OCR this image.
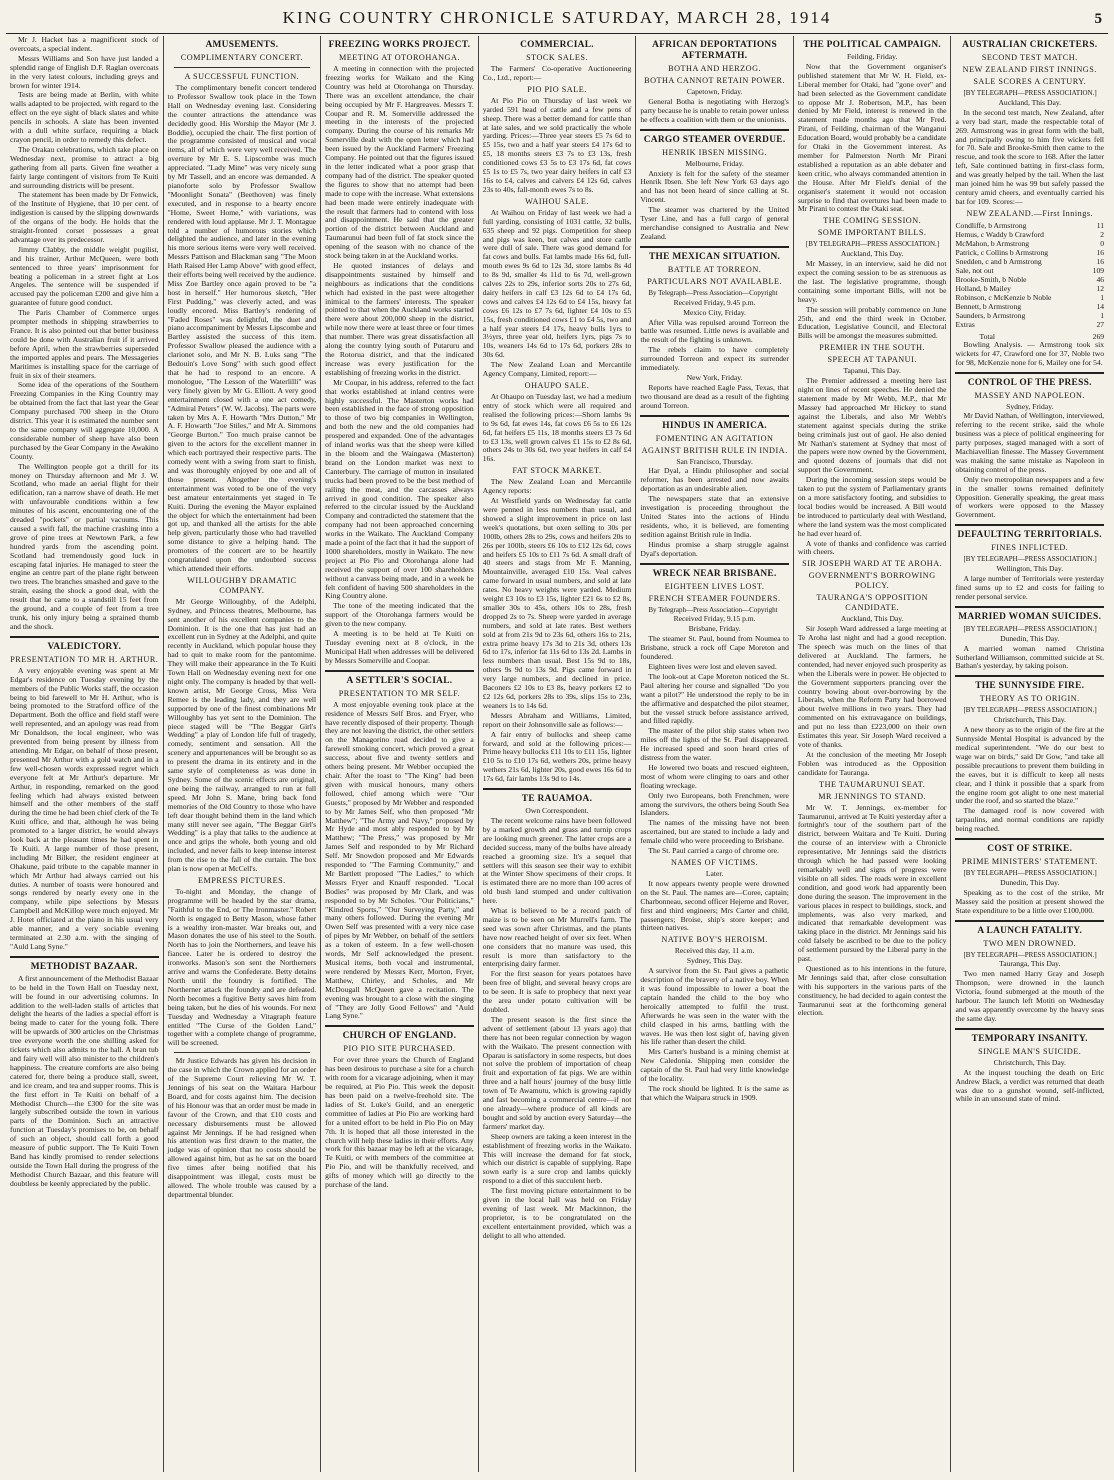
KING COUNTRY CHRONICLE SATURDAY, MARCH 28, 1914	5

Mr J. Hacket has a magnificent stock of overcoats, a special indent.

Messrs Williams and Son have just landed a splendid range of English D.F. Raglan overcoats in the very latest colours, including greys and brown for winter 1914.

Tests are being made at Berlin, with white walls adapted to be projected, with regard to the effect on the eye sight of black slates and white pencils in schools. A slate has been invented with a dull white surface, requiring a black crayon pencil, in order to remedy this defect.

The Orakau celebrations, which take place on Wednesday next, promise to attract a big gathering from all parts. Given fine weather a fairly large contingent of visitors from Te Kuiti and surrounding districts will be present.

The statement has been made by Dr Fenwick, of the Institute of Hygiene, that 10 per cent. of indigestion is caused by the slipping downwards of the organs of the body. He holds that the straight-fronted corset possesses a great advantage over its predecessor.

Jimmy Clabby, the middle weight pugilist, and his trainer, Arthur McQueen, were both sentenced to three years' imprisonment for beating a policeman in a street fight at Los Angeles. The sentence will be suspended if accused pay the policeman £200 and give him a guarantee of future good conduct.

The Paris Chamber of Commerce urges prompter methods in shipping strawberries to France. It is also pointed out that better business could be done with Australian fruit if it arrived before April, when the strawberries superseded the imported apples and pears. The Messageries Maritimes is installing space for the carriage of fruit in six of their steamers.

Some idea of the operations of the Southern Freezing Companies in the King Country may be obtained from the fact that last year the Gear Company purchased 700 sheep in the Otoro district. This year it is estimated the number sent to the same company will aggregate 10,000. A considerable number of sheep have also been purchased by the Gear Company in the Awakino County.

The Wellington people got a thrill for its money on Thursday afternoon and Mr J. W. Scotland, who made an aerial flight for their edification, ran a narrow shave of death. He met with unfavourable conditions within a few minutes of his ascent, encountering one of the dreaded "pockets" or partial vacuums. This caused a swift fall, the machine crashing into a grove of pine trees at Newtown Park, a few hundred yards from the ascending point. Scotland had tremendously good luck in escaping fatal injuries. He managed to steer the engine an centre part of the plane right between two trees. The branches smashed and gave to the strain, easing the shock a good deal, with the result that he came to a standstill 15 feet from the ground, and a couple of feet from a tree trunk, his only injury being a sprained thumb and the shock.

VALEDICTORY.
PRESENTATION TO MR H. ARTHUR.

A very enjoyable evening was spent at Mr Edgar's residence on Tuesday evening by the members of the Public Works staff, the occasion being to bid farewell to Mr H. Arthur, who is being promoted to the Stratford office of the Department. Both the office and field staff were well represented, and an apology was read from Mr Donaldson, the local engineer, who was prevented from being present by illness from attending. Mr Edgar, on behalf of those present, presented Mr Arthur with a gold watch and in a few well-chosen words expressed regret which everyone felt at Mr Arthur's departure. Mr Arthur, in responding, remarked on the good feeling which had always existed between himself and the other members of the staff during the time he had been chief clerk of the Te Kuiti office, and that, although he was being promoted to a larger district, he would always look back at the pleasant times he had spent in Te Kuiti. A large number of those present, including Mr Bilker, the resident engineer at Ohakune, paid tribute to the capable manner in which Mr Arthur had always carried out his duties. A number of toasts were honoured and songs rendered by nearly every one in the company, while pipe selections by Messrs Campbell and McKillop were much enjoyed. Mr J. Hotet officiated at the piano in his usual very able manner, and a very sociable evening terminated at 2.30 a.m. with the singing of "Auld Lang Syne."

METHODIST BAZAAR.

A first announcement of the Methodist Bazaar to be held in the Town Hall on Tuesday next, will be found in our advertising columns. In addition to the well-laden stalls of articles that delight the hearts of the ladies a special effort is being made to cater for the young folk. There will be upwards of 300 articles on the Christmas tree everyone worth the one shilling asked for tickets which also admits to the hall. A bran tub and fairy well will also minister to the children's happiness. The creature comforts are also being catered for, there being a produce stall, sweet, and ice cream, and tea and supper rooms. This is the first effort in Te Kuiti on behalf of a Methodist Church—the £300 for the site was largely subscribed outside the town in various parts of the Dominion. Such an attractive function at Tuesday's promises to be, on behalf of such an object, should call forth a good measure of public support. The Te Kuiti Town Band has kindly promised to render selections outside the Town Hall during the progress of the Methodist Church Bazaar, and this feature will doubtless be keenly appreciated by the public.

AMUSEMENTS.
COMPLIMENTARY CONCERT.
A SUCCESSFUL FUNCTION.

The complimentary benefit concert tendered to Professor Swallow took place in the Town Hall on Wednesday evening last. Considering the counter attractions the attendance was decidedly good. His Worship the Mayor (Mr J. Boddie), occupied the chair. The first portion of the programme consisted of musical and vocal items, all of which were very well received. The overture by Mr E. S. Lipscombe was much appreciated. "Lady Mine" was very nicely sung by Mr Tassell, and an encore was demanded. A pianoforte solo by Professor Swallow "Moonlight Sonata" (Beethoven) was finely executed, and in response to a hearty encore "Home, Sweet Home," with variations, was rendered with loud applause. Mr J. T. Montague told a number of humorous stories which delighted the audience, and later in the evening his more serious items were very well received. Messrs Pattison and Blackman sang "The Moon Hath Raised Her Lamp Above" with good effect, their efforts being well received by the audience. Miss Zoe Bartley once again proved to be "a host in herself." Her humorous sketch, "Her First Pudding," was cleverly acted, and was loudly encored. Miss Bartley's rendering of "Faded Roses" was delightful, the duet and piano accompaniment by Messrs Lipscombe and Bartley assisted the success of this item. Professor Swallow pleased the audience with a clarionet solo, and Mr N. B. Luks sang "The Bedouin's Love Song" with such good effect that he had to respond to an encore. A monologue, "The Lesson of the Waterlilli" was very finely given by Mr G. Elliott. A very good entertainment closed with a one act comedy, "Admiral Peters" (W. W. Jacobs). The parts were taken by Mrs A. F. Howarth "Mrs Dutton," Mr A. F. Howarth "Joe Stiles," and Mr A. Simmons "George Burton." Too much praise cannot be given to the actors for the excellent manner in which each portrayed their respective parts. The comedy went with a swing from start to finish, and was thoroughly enjoyed by one and all of those present. Altogether the evening's entertainment was voted to be one of the very best amateur entertainments yet staged in Te Kuiti. During the evening the Mayor explained the object for which the entertainment had been got up, and thanked all the artists for the able help given, particularly those who had travelled some distance to give a helping hand. The promoters of the concert are to be heartily congratulated upon the undoubted success which attended their efforts.

WILLOUGHBY DRAMATIC COMPANY.

Mr George Willoughby, of the Adelphi, Sydney, and Princess theatres, Melbourne, has sent another of his excellent companies to the Dominion. It is the one that has just had an excellent run in Sydney at the Adelphi, and quite recently in Auckland, which popular house they had to quit to make room for the pantomime. They will make their appearance in the Te Kuiti Town Hall on Wednesday evening next for one night only. The company is headed by that well-known artist, Mr George Cross, Miss Vera Remee is the leading lady, and they are well supported by one of the finest combinations Mr Willoughby has yet sent to the Dominion. The piece staged will be "The Beggar Girl's Wedding" a play of London life full of tragedy, comedy, sentiment and sensation. All the scenery and appurtenances will be brought so as to present the drama in its entirety and in the same style of completeness as was done in Sydney. Some of the scenic effects are original, one being the railway, arranged to run at full speed. Mr John S. Mane, bring back fond memories of the Old Country to those who have left dear thought behind them in the land which many still never see again, "The Beggar Girl's Wedding" is a play that talks to the audience at once and grips the whole, both young and old included, and never fails to keep intense interest from the rise to the fall of the curtain. The box plan is now open at McCell's.

EMPRESS PICTURES.

To-night and Monday, the change of programme will be headed by the star drama, "Faithful to the End, or The Ironmaster." Robert North is engaged to Betty Mason, whose father is a wealthy iron-master. War breaks out, and Mason donates the use of his steel to the South. North has to join the Northerners, and leave his fiancee. Later he is ordered to destroy the ironworks. Mason's son sent the Northerners arrive and warns the Confederate. Betty detains North until the foundry is fortified. The Northerner attack the foundry and are defeated. North becomes a fugitive Betty saves him from being taken, but he dies of his wounds. For next Tuesday and Wednesday a Vitagraph feature entitled "The Curse of the Golden Land," together with a complete change of programme, will be screened.

Mr Justice Edwards has given his decision in the case in which the Crown applied for an order of the Supreme Court relieving Mr W. T. Jennings of his seat on the Waitara Harbour Board, and for costs against him. The decision of his Honour was that an order must be made in favour of the Crown, and that £10 costs and necessary disbursements must be allowed against Mr Jennings. If he had resigned when his attention was first drawn to the matter, the judge was of opinion that no costs should be allowed against him, but as he sat on the board five times after being notified that his disappointment was illegal, costs must be allowed. The whole trouble was caused by a departmental blunder.

FREEZING WORKS PROJECT.
MEETING AT OTOROHANGA.

A meeting in connection with the projected freezing works for Waikato and the King Country was held at Otorohanga on Thursday. There was an excellent attendance, the chair being occupied by Mr F. Hargreaves. Messrs T. Coupar and R. M. Somerville addressed the meeting in the interests of the projected company. During the course of his remarks Mr Somerville dealt with the open letter which had been issued by the Auckland Farmers' Freezing Company. He pointed out that the figures issued in the letter indicated what a poor grasp that company had of the district. The speaker quoted the figures to show that no attempt had been made to cope with the increase. What extensions had been made were entirely inadequate with the result that farmers had to contend with loss and disappointment. He said that the greater portion of the district between Auckland and Taumarunui had been full of fat stock since the opening of the season with no chance of the stock being taken in at the Auckland works.

He quoted instances of delays and disappointments sustained by himself and neighbours as indications that the conditions which had existed in the past were altogether inimical to the farmers' interests. The speaker pointed to that when the Auckland works started there were about 200,000 sheep in the district, while now there were at least three or four times that number. There was great dissatisfaction all along the country lying south of Putaruru and the Rotorua district, and that the indicated increase was every justification for the establishing of freezing works in the district.

Mr Coupar, in his address, referred to the fact that works established at inland centres were highly successful. The Masterton works had been established in the face of strong opposition to those of two big companies in Wellington, and both the new and the old companies had prospered and expanded. One of the advantages of inland works was that the sheep were killed in the bloom and the Waingawa (Masterton) brand on the London market was next to Canterbury. The carriage of mutton in insulated trucks had been proved to be the best method of railing the meat, and the carcasses always arrived in good condition. The speaker also referred to the circular issued by the Auckland Company and contradicted the statement that the company had not been approached concerning works in the Waikato. The Auckland Company made a point of the fact that it had the support of 1000 shareholders, mostly in Waikato. The new project at Pio Pio and Otorohanga alone had received the support of over 100 shareholders without a canvass being made, and in a week he felt confident of having 500 shareholders in the King Country alone.

The tone of the meeting indicated that the support of the Otorohanga farmers would be given to the new company.

A meeting is to be held at Te Kuiti on Tuesday evening next at 8 o'clock, in the Municipal Hall when addresses will be delivered by Messrs Somerville and Coopar.

A SETTLER'S SOCIAL.
PRESENTATION TO MR SELF.

A most enjoyable evening took place at the residence of Messrs Self Bros. and Fryer, who have recently disposed of their property. Though they are not leaving the district, the other settlers on the Managorino road decided to give a farewell smoking concert, which proved a great success, about five and twenty settlers and others being present. Mr Webber occupied the chair. After the toast to "The King" had been given with musical honours, many others followed, chief among which were "Our Guests," proposed by Mr Webber and responded to by Mr James Self, who then proposed "Mr Matthew"; "The Army and Navy," proposed by Mr Hyde and most ably responded to by Mr Matthew; "The Press," was proposed by Mr James Self and responded to by Mr Richard Self. Mr Snowdon proposed and Mr Edwards responded to "The Farming Community," and Mr Bartlett proposed "The Ladies," to which Messrs Fryer and Knauff responded. "Local Bodies" was proposed by Mr Clark, and was responded to by Mr Scholes. "Our Politicians," "Kindred Sports," "Our Surveying Party," and many others followed. During the evening Mr Owen Self was presented with a very nice case of pipes by Mr Webber, on behalf of the settlers as a token of esteem. In a few well-chosen words, Mr Self acknowledged the present. Musical items, both vocal and instrumental, were rendered by Messrs Kerr, Morton, Fryer, Matthew, Chirley, and Scholes, and Mr McDougall McQueen gave a recitation. The evening was brought to a close with the singing of "They are Jolly Good Fellows" and "Auld Lang Syne."

CHURCH OF ENGLAND.
PIO PIO SITE PURCHASED.

For over three years the Church of England has been desirous to purchase a site for a church with room for a vicarage adjoining, when it may be required, at Pio Pio. This week the deposit has been paid on a twelve-freehold site. The ladies of St. Luke's Guild, and an energetic committee of ladies at Pio Pio are working hard for a united effort to be held in Pio Pio on May 7th. It is hoped that all those interested in the church will help these ladies in their efforts. Any work for this bazaar may be left at the vicarage, Te Kuiti, or with members of the committee at Pio Pio, and will be thankfully received, and gifts of money which will go directly to the purchase of the land.

COMMERCIAL.
STOCK SALES.

The Farmers' Co-operative Auctioneering Co., Ltd., report:—

PIO PIO SALE.

At Pio Pio on Thursday of last week we yarded 591 head of cattle and a few pens of sheep. There was a better demand for cattle than at late sales, and we sold practically the whole yarding. Prices:—Three year steers £5 7s 6d to £5 15s, two and a half year steers £4 17s 6d to £5, 18 months steers £3 7s to £3 13s, fresh conditioned cows £3 5s to £3 17s 6d, fat cows £5 1s to £5 7s, two year dairy heifers in calf £3 16s to £4, calves and calvers £4 12s 6d, calves 23s to 40s, fall-month ewes 7s to 8s.

WAIHOU SALE.

At Waihou on Friday of last week we had a full yarding, consisting of 1031 cattle, 32 bulls, 635 sheep and 92 pigs. Competition for sheep and pigs was keen, but calves and store cattle were dull of sale. There was good demand for fat cows and bulls. Fat lambs made 16s 6d, full-mouth ewes 9s 6d to 12s 3d, store lambs 8s 4d to 8s 9d, smaller 4s 11d to 6s 7d, well-grown calves 22s to 29s, inferior sorts 20s to 27s 6d, dairy heifers in calf £3 12s 6d to £4 17s 6d, cows and calves £4 12s 6d to £4 15s, heavy fat cows £6 12s to £7 7s 6d, lighter £4 10s to £5 15s, fresh conditioned cows £1 to £4 5s, two and a half year steers £4 17s, heavy bulls 1yrs to 3½yrs, three year old, heifers 1yrs, pigs 7s to 10s, weaners 14s 6d to 17s 6d, porkers 28s to 30s 6d.

The New Zealand Loan and Mercantile Agency Company, Limited, report:—

OHAUPO SALE.

At Ohaupo on Tuesday last, we had a medium entry of stock which were all required and realised the following prices:—Shorn lambs 9s to 9s 6d, fat ewes 14s, fat cows £6 5s to £6 12s 6d, fat heifers £5 11s, 18 months steers £3 7s 6d to £3 13s, well grown calves £1 15s to £2 8s 6d, others 24s to 30s 6d, two year heifers in calf £4 16s.

FAT STOCK MARKET.

The New Zealand Loan and Mercantile Agency reports:

At Westfield yards on Wednesday fat cattle were penned in less numbers than usual, and showed a slight improvement in price on last week's quotations, but oxen selling to 30s per 100lb, others 28s to 29s, cows and heifers 20s to 26s per 100lb, steers £6 10s to £12 12s 6d, cows and heifers £5 10s to £11 7s 6d. A small draft of 40 steers and stags from Mr F. Manning, Mountainville, averaged £10 15s. Veal calves came forward in usual numbers, and sold at late rates. No heavy weights were yarded. Medium weight £3 10s to £3 15s, lighter £21 6s to £2 8s, smaller 30s to 45s, others 10s to 28s, fresh dropped 2s to 7s. Sheep were yarded in average numbers, and sold at late rates. Best wethers sold at from 21s 9d to 23s 6d, others 16s to 21s, extra prime heavy 17s 3d to 21s 3d, others 13s 6d to 17s, inferior fat 11s 6d to 13s 2d. Lambs in less numbers than usual. Best 15s 9d to 18s, others 9s 9d to 13s 9d. Pigs came forward in very large numbers, and declined in price. Baconers £2 10s to £3 8s, heavy porkers £2 to £2 12s 6d, porkers 28s to 39s, slips 15s to 23s, weaners 1s to 14s 6d.

Messrs Abraham and Williams, Limited, report on their Johnsonville sale as follows:—

A fair entry of bullocks and sheep came forward, and sold at the following prices:—Prime heavy bullocks £11 10s to £11 15s, lighter £10 5s to £10 17s 6d, wethers 20s, prime heavy wethers 21s 6d, lighter 20s, good ewes 16s 6d to 17s 6d, fair lambs 13s 9d to 14s.

TE RAUAMOA.
Own Correspondent.

The recent welcome rains have been followed by a marked growth and grass and turnip crops are looking much greener. The latter crops are a decided success, many of the bulbs have already reached a grooming size. It's a sequel that settlers will this season see their way to exhibit at the Winter Show specimens of their crops. It is estimated there are no more than 100 acres of old bush land stumped and under cultivation here.

What is believed to be a record patch of maize is to be seen on Mr Murrell's farm. The seed was sown after Christmas, and the plants have now reached height of over six feet. When one considers that no manure was used, this result is more than satisfactory to the enterprising dairy farmer.

For the first season for years potatoes have been free of blight, and several heavy crops are to be seen. It is safe to prophecy that next year the area under potato cultivation will be doubled.

The present season is the first since the advent of settlement (about 13 years ago) that there has not been regular connection by wagon with the Waikato. The present connection with Oparau is satisfactory in some respects, but does not solve the problem of importation of cheap fruit and exportation of fat pigs. We are within three and a half hours' journey of the busy little town of Te Awamutu, which is growing rapidly and fast becoming a commercial centre—if not one already—where produce of all kinds are bought and sold by auction every Saturday—the farmers' market day.

Sheep owners are taking a keen interest in the establishment of freezing works in the Waikato. This will increase the demand for fat stock, which our district is capable of supplying. Rape sown early is a sure crop and lambs quickly respond to a diet of this succulent herb.

The first moving picture entertainment to be given in the local hall was held on Friday evening of last week. Mr Mackinnon, the proprietor, is to be congratulated on the excellent entertainment provided, which was a delight to all who attended.

AFRICAN DEPORTATIONS AFTERMATH.
BOTHA AND HERZOG.
BOTHA CANNOT RETAIN POWER.
Capetown, Friday.

General Botha is negotiating with Herzog's party because he is unable to retain power unless he effects a coalition with them or the unionists.

CARGO STEAMER OVERDUE.
HENRIK IBSEN MISSING.
Melbourne, Friday.

Anxiety is felt for the safety of the steamer Henrik Ibsen. She left New York 63 days ago and has not been heard of since calling at St. Vincent.

The steamer was chartered by the United Tyser Line, and has a full cargo of general merchandise consigned to Australia and New Zealand.

THE MEXICAN SITUATION.
BATTLE AT TORREON.
PARTICULARS NOT AVAILABLE.

By Telegraph—Press Association—Copyright

Received Friday, 9.45 p.m.
Mexico City, Friday.

After Villa was repulsed around Torreon the battle was resumed. Little news is available and the result of the fighting is unknown.

The rebels claim to have completely surrounded Torreon and expect its surrender immediately.

New York, Friday.

Reports have reached Eagle Pass, Texas, that two thousand are dead as a result of the fighting around Torreon.

HINDUS IN AMERICA.
FOMENTING AN AGITATION
AGAINST BRITISH RULE IN INDIA.
San Francisco, Thursday.

Har Dyal, a Hindu philosopher and social reformer, has been arrested and now awaits deportation as an undesirable alien.

The newspapers state that an extensive investigation is proceeding throughout the United States into the actions of Hindu residents, who, it is believed, are fomenting sedition against British rule in India.

Hindus promise a sharp struggle against Dyal's deportation.

WRECK NEAR BRISBANE.
EIGHTEEN LIVES LOST.
FRENCH STEAMER FOUNDERS.

By Telegraph—Press Association—Copyright

Received Friday, 9.15 p.m.
Brisbane, Friday.

The steamer St. Paul, bound from Noumea to Brisbane, struck a rock off Cape Moreton and foundered.

Eighteen lives were lost and eleven saved.

The look-out at Cape Moreton noticed the St. Paul altering her course and signalled "Do you want a pilot?" He understood the reply to be in the affirmative and despatched the pilot steamer, but the vessel struck before assistance arrived, and filled rapidly.

The master of the pilot ship states when two miles off the lights of the St. Paul disappeared. He increased speed and soon heard cries of distress from the water.

He lowered two boats and rescued eighteen, most of whom were clinging to oars and other floating wreckage.

Only two Europeans, both Frenchmen, were among the survivors, the others being South Sea Islanders.

The names of the missing have not been ascertained, but are stated to include a lady and female child who were proceeding to Brisbane.

The St. Paul carried a cargo of chrome ore.

NAMES OF VICTIMS.
Later.

It now appears twenty people were drowned on the St. Paul. The names are—Coree, captain; Charbonneau, second officer Hejerne and Rover, first and third engineers; Mrs Carter and child, passengers; Broise, ship's store keeper; and thirteen natives.

NATIVE BOY'S HEROISM.
Received this day, 11 a.m.
Sydney, This Day.

A survivor from the St. Paul gives a pathetic description of the bravery of a native boy. When it was found impossible to lower a boat the captain handed the child to the boy who heroically attempted to fulfil the trust. Afterwards he was seen in the water with the child clasped in his arms, battling with the waves. He was then lost sight of, having given his life rather than desert the child.

Mrs Carter's husband is a mining chemist at New Caledonia. Shipping men consider the captain of the St. Paul had very little knowledge of the locality.

The rock should be lighted. It is the same as that which the Waipara struck in 1909.

THE POLITICAL CAMPAIGN.
Feilding, Friday.

Now that the Government organiser's published statement that Mr W. H. Field, ex-Liberal member for Otaki, had "gone over" and had been selected as the Government candidate to oppose Mr J. Robertson, M.P., has been denied by Mr Field, interest is renewed in the statement made months ago that Mr Fred. Pirani, of Feilding, chairman of the Wanganui Education Board, would probably be a candidate for Otaki in the Government interest. As member for Palmerston North Mr Pirani established a reputation as an able debater and keen critic, who always commanded attention in the House. After Mr Field's denial of the organiser's statement it would not occasion surprise to find that overtures had been made to Mr Pirani to contest the Otaki seat.

THE COMING SESSION.
SOME IMPORTANT BILLS.

[BY TELEGRAPH—PRESS ASSOCIATION.]

Auckland, This Day.

Mr Massey, in an interview, said he did not expect the coming session to be as strenuous as the last. The legislative programme, though containing some important Bills, will not be heavy.

The session will probably commence on June 25th, and end the third week in October. Education, Legislative Council, and Electoral Bills will be amongst the measures submitted.

PREMIER IN THE SOUTH.
SPEECH AT TAPANUI.
Tapanui, This Day.

The Premier addressed a meeting here last night on lines of recent speeches. He denied the statement made by Mr Webb, M.P., that Mr Massey had approached Mr Hickey to stand against the Liberals, and also Mr Webb's statement against specials during the strike being criminals just out of gaol. He also denied Mr Nathan's statement at Sydney that most of the papers were now owned by the Government, and quoted dozens of journals that did not support the Government.

During the incoming session steps would be taken to put the system of Parliamentary grants on a more satisfactory footing, and subsidies to local bodies would be increased. A Bill would be introduced to particularly deal with Westland, where the land system was the most complicated he had ever heard of.

A vote of thanks and confidence was carried with cheers.

SIR JOSEPH WARD AT TE AROHA.
GOVERNMENT'S BORROWING POLICY.
TAURANGA'S OPPOSITION CANDIDATE.
Auckland, This Day.

Sir Joseph Ward addressed a large meeting at Te Aroha last night and had a good reception. The speech was much on the lines of that delivered at Auckland. The farmers, he contended, had never enjoyed such prosperity as when the Liberals were in power. He objected to the Government supporters prancing over the country bowing about over-borrowing by the Liberals, when the Reform Party had borrowed about twelve millions in two years. They had commented on his extravagance on buildings, and put no less than £223,000 on their own Estimates this year. Sir Joseph Ward received a vote of thanks.

At the conclusion of the meeting Mr Joseph Foblen was introduced as the Opposition candidate for Tauranga.

THE TAUMARUNUI SEAT.
MR JENNINGS TO STAND.

Mr W. T. Jennings, ex-member for Taumarunui, arrived at Te Kuiti yesterday after a fortnight's tour of the southern part of the district, between Waitara and Te Kuiti. During the course of an interview with a Chronicle representative, Mr Jennings said the districts through which he had passed were looking remarkably well and signs of progress were visible on all sides. The roads were in excellent condition, and good work had apparently been done during the season. The improvement in the various places in respect to buildings, stock, and implements, was also very marked, and indicated that remarkable development was taking place in the district. Mr Jennings said his cold falsely be ascribed to be due to the policy of settlement pursued by the Liberal party in the past.

Questioned as to his intentions in the future, Mr Jennings said that, after close consultation with his supporters in the various parts of the constituency, he had decided to again contest the Taumarunui seat at the forthcoming general election.

AUSTRALIAN CRICKETERS.
SECOND TEST MATCH.
NEW ZEALAND FIRST INNINGS.
SALE SCORES A CENTURY.

[BY TELEGRAPH—PRESS ASSOCIATION.]

Auckland, This Day.

In the second test match, New Zealand, after a very bad start, made the respectable total of 269. Armstrong was in great form with the ball, and principally owing to him five wickets fell for 70. Sale and Brooke-Smith then came to the rescue, and took the score to 168. After the latter left, Sale continued batting in first-class form, and was greatly helped by the tail. When the last man joined him he was 99 but safely passed the century amid cheers, and eventually carried his bat for 109. Scores:—

NEW ZEALAND.—First Innings.
Condliffe, b Armstrong	11
Hemus, c Waddy b Crawford	2
McMahon, b Armstrong	0
Patrick, c Collins b Armstrong	16
Snedden, c and b Armstrong	16
Sale, not out	109
Brooke-Smith, b Noble	46
Holland, b Mailey	12
Robinson, c McKenzie b Noble	1
Bennett, b Armstrong	14
Saunders, b Armstrong	1
Extras	27
Total	269

Bowling Analysis. — Armstrong took six wickets for 47, Crawford one for 37, Noble two for 98, McKenzie none for 6, Mailey one for 54.

CONTROL OF THE PRESS.
MASSEY AND NAPOLEON.
Sydney, Friday.

Mr David Nathan, of Wellington, interviewed, referring to the recent strike, said the whole business was a piece of political engineering for party purposes, staged managed with a sort of Machiavellian finesse. The Massey Government was making the same mistake as Napoleon in obtaining control of the press.

Only two metropolitan newspapers and a few in the smaller towns remained definitely Opposition. Generally speaking, the great mass of workers were opposed to the Massey Government.

DEFAULTING TERRITORIALS.
FINES INFLICTED.

[BY TELEGRAPH—PRESS ASSOCIATION.]

Wellington, This Day.

A large number of Territorials were yesterday fined sums up to £2 and costs for failing to render personal service.

MARRIED WOMAN SUICIDES.

[BY TELEGRAPH—PRESS ASSOCIATION.]

Dunedin, This Day.

A married woman named Christina Sutherland Williamson, committed suicide at St. Bathan's yesterday, by taking poison.

THE SUNNYSIDE FIRE.
THEORY AS TO ORIGIN.

[BY TELEGRAPH—PRESS ASSOCIATION.]

Christchurch, This Day.

A new theory as to the origin of the fire at the Sunnyside Mental Hospital is advanced by the medical superintendent. "We do our best to wage war on birds," said Dr Gow, "and take all possible precautions to prevent them building in the eaves, but it is difficult to keep all nests clear, and I think it possible that a spark from the engine room got alight to one nest material under the roof, and so started the blaze."

The damaged roof is now covered with tarpaulins, and normal conditions are rapidly being reached.

COST OF STRIKE.
PRIME MINISTERS' STATEMENT.

[BY TELEGRAPH—PRESS ASSOCIATION.]

Dunedin, This Day.

Speaking as to the cost of the strike, Mr Massey said the position at present showed the State expenditure to be a little over £100,000.

A LAUNCH FATALITY.
TWO MEN DROWNED.

[BY TELEGRAPH—PRESS ASSOCIATION.]

Tauranga, This Day.

Two men named Harry Gray and Joseph Thompson, were drowned in the launch Victoria, found submerged at the mouth of the harbour. The launch left Motiti on Wednesday and was apparently overcome by the heavy seas the same day.

TEMPORARY INSANITY.
SINGLE MAN'S SUICIDE.
Christchurch, This Day.

At the inquest touching the death on Eric Andrew Black, a verdict was returned that death was due to a gunshot wound, self-inflicted, while in an unsound state of mind.
